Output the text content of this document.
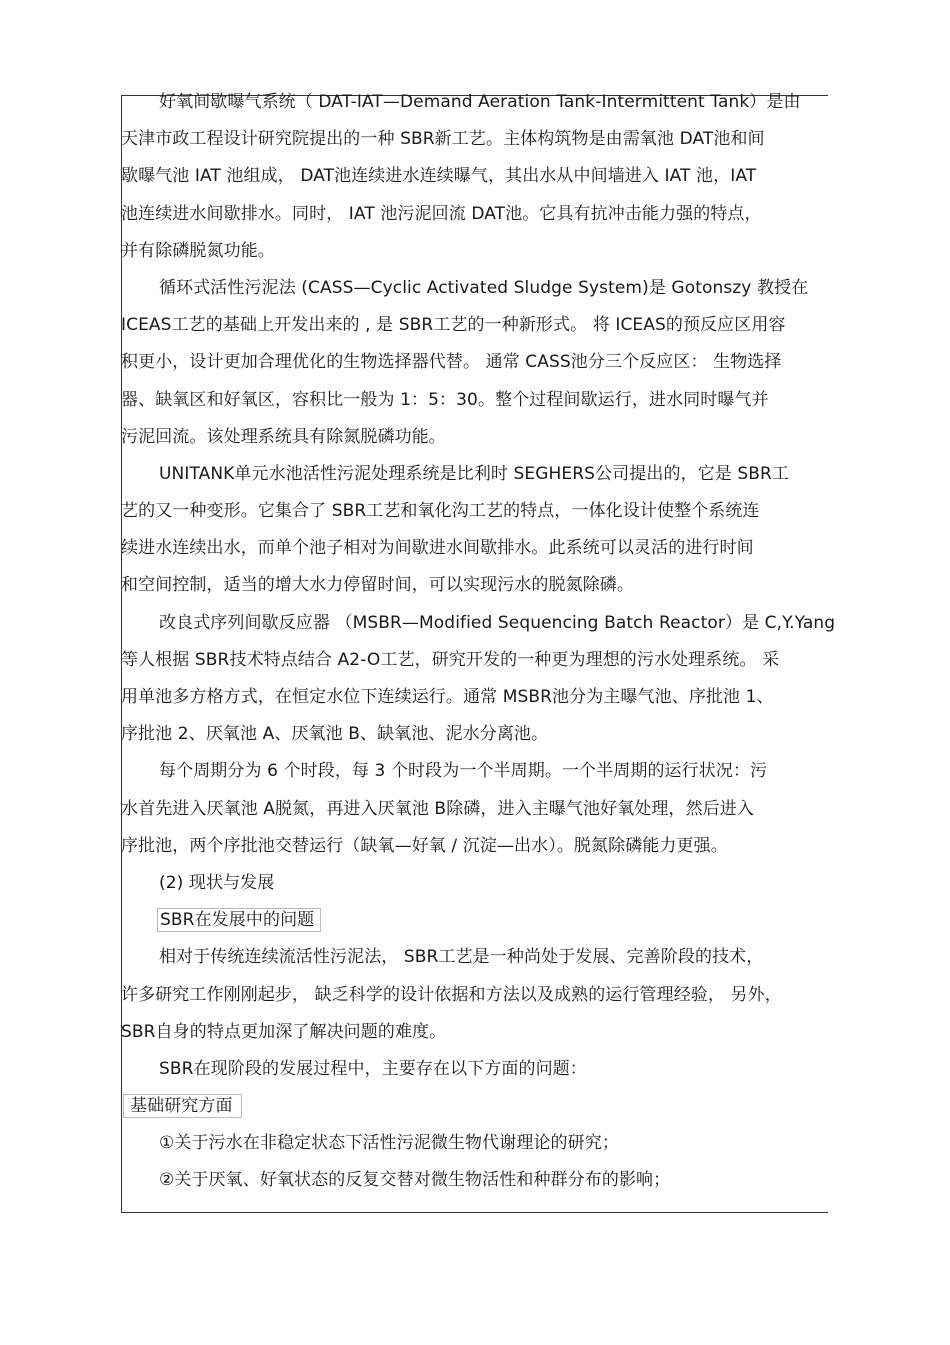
好氧间歇曝气系统（ DAT-IAT—Demand Aeration Tank-Intermittent Tank）是由
天津市政工程设计研究院提出的一种 SBR新工艺。主体构筑物是由需氧池 DAT池和间
歇曝气池 IAT 池组成， DAT池连续进水连续曝气，其出水从中间墙进入 IAT 池，IAT
池连续进水间歇排水。同时， IAT 池污泥回流 DAT池。它具有抗冲击能力强的特点，
并有除磷脱氮功能。
循环式活性污泥法 (CASS—Cyclic Activated Sludge System)是 Gotonszy 教授在
ICEAS工艺的基础上开发出来的 , 是 SBR工艺的一种新形式。 将 ICEAS的预反应区用容
积更小，设计更加合理优化的生物选择器代替。 通常 CASS池分三个反应区： 生物选择
器、缺氧区和好氧区，容积比一般为 1：5：30。整个过程间歇运行，进水同时曝气并
污泥回流。该处理系统具有除氮脱磷功能。
UNITANK单元水池活性污泥处理系统是比利时 SEGHERS公司提出的，它是 SBR工
艺的又一种变形。它集合了 SBR工艺和氧化沟工艺的特点，一体化设计使整个系统连
续进水连续出水，而单个池子相对为间歇进水间歇排水。此系统可以灵活的进行时间
和空间控制，适当的增大水力停留时间，可以实现污水的脱氮除磷。
改良式序列间歇反应器 （MSBR—Modified Sequencing Batch Reactor）是 C,Y.Yang
等人根据 SBR技术特点结合 A2-O工艺，研究开发的一种更为理想的污水处理系统。 采
用单池多方格方式，在恒定水位下连续运行。通常 MSBR池分为主曝气池、序批池 1、
序批池 2、厌氧池 A、厌氧池 B、缺氧池、泥水分离池。
每个周期分为 6 个时段，每 3 个时段为一个半周期。一个半周期的运行状况：污
水首先进入厌氧池 A脱氮，再进入厌氧池 B除磷，进入主曝气池好氧处理，然后进入
序批池，两个序批池交替运行（缺氧—好氧 / 沉淀—出水）。脱氮除磷能力更强。
(2) 现状与发展
SBR在发展中的问题
相对于传统连续流活性污泥法， SBR工艺是一种尚处于发展、完善阶段的技术，
许多研究工作刚刚起步， 缺乏科学的设计依据和方法以及成熟的运行管理经验， 另外，
SBR自身的特点更加深了解决问题的难度。
SBR在现阶段的发展过程中，主要存在以下方面的问题：
基础研究方面
①关于污水在非稳定状态下活性污泥微生物代谢理论的研究；
②关于厌氧、好氧状态的反复交替对微生物活性和种群分布的影响；
